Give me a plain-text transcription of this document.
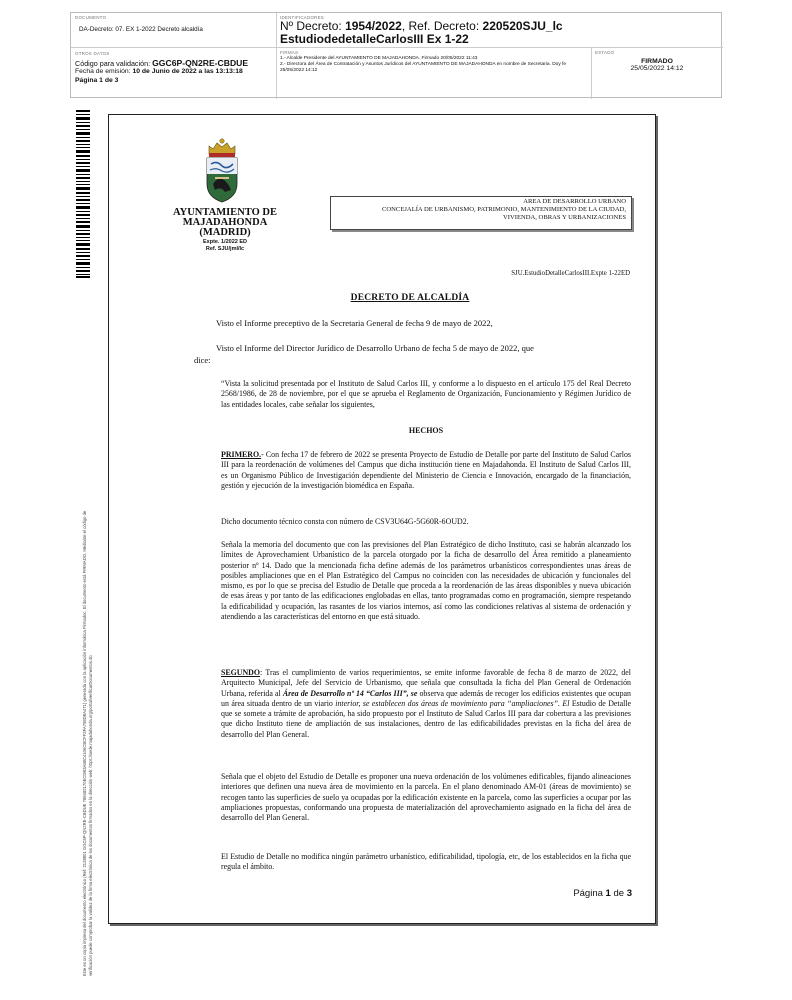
DOCUMENTO
DA-Decreto: 07. EX 1-2022 Decreto alcaldía
IDENTIFICADORES
Nº Decreto: 1954/2022, Ref. Decreto: 220520SJU_lc
EstudiodedetalleCarlosIII Ex 1-22
OTROS DATOS
Código para validación: GGC6P-QN2RE-CBDUE
Fecha de emisión: 10 de Junio de 2022 a las 13:13:18
Página 1 de 3
FIRMAS
1.- Alcalde Presidente del AYUNTAMIENTO DE MAJADAHONDA. Firmado 20/05/2022 11:43
2.- Directora del Área de Contratación y Asuntos Jurídicos del AYUNTAMIENTO DE MAJADAHONDA en nombre de Secretaria. Doy fe 25/05/2022 14:12
ESTADO
FIRMADO
25/05/2022 14:12
Este es un copia impresa del documento electrónico (Ref: 2128801 GGC6P-QN2RE-CBDUE 789482170ECDB3A88C4106CBCFF3FA758D8A471) generada con la aplicación informática Firmadoc. El documento está FIRMADO. Mediante el código de verificación puede comprobar la validez de la firma electrónica de los documentos firmados en la dirección web: https://sede.majadahonda.org/portal/verificarDocumentos.do
AYUNTAMIENTO DE
MAJADAHONDA
(MADRID)
Expte. 1/2022 ED
Ref. SJU/jml/lc
AREA DE DESARROLLO URBANO
CONCEJALÍA DE URBANISMO, PATRIMONIO, MANTENIMIENTO DE LA CIUDAD,
VIVIENDA, OBRAS Y URBANIZACIONES
SJU.EstudioDetalleCarlosIII.Expte 1-22ED
DECRETO DE ALCALDÍA
Visto el Informe preceptivo de la Secretaria General de fecha 9 de mayo de 2022,
Visto el Informe del Director Jurídico de Desarrollo Urbano de fecha 5 de mayo de 2022, que
dice:
“Vista la solicitud presentada por el Instituto de Salud Carlos III, y conforme a lo dispuesto en el artículo 175 del Real Decreto 2568/1986, de 28 de noviembre, por el que se aprueba el Reglamento de Organización, Funcionamiento y Régimen Jurídico de las entidades locales, cabe señalar los siguientes,
HECHOS
PRIMERO.- Con fecha 17 de febrero de 2022 se presenta Proyecto de Estudio de Detalle por parte del Instituto de Salud Carlos III para la reordenación de volúmenes del Campus que dicha institución tiene en Majadahonda. El Instituto de Salud Carlos III, es un Organismo Público de Investigación dependiente del Ministerio de Ciencia e Innovación, encargado de la financiación, gestión y ejecución de la investigación biomédica en España.
Dicho documento técnico consta con número de CSV3U64G-5G60R-6OUD2.
Señala la memoria del documento que con las previsiones del Plan Estratégico de dicho Instituto, casi se habrán alcanzado los límites de Aprovechamient Urbanístico de la parcela otorgado por la ficha de desarrollo del Área remitido a planeamiento posterior nº 14. Dado que la mencionada ficha define además de los parámetros urbanísticos correspondientes unas áreas de posibles ampliaciones que en el Plan Estratégico del Campus no coinciden con las necesidades de ubicación y funcionales del mismo, es por lo que se precisa del Estudio de Detalle que proceda a la reordenación de las áreas disponibles y nueva ubicación de esas áreas y por tanto de las edificaciones englobadas en ellas, tanto programadas como en programación, siempre respetando la edificabilidad y ocupación, las rasantes de los viarios internos, así como las condiciones relativas al sistema de ordenación y atendiendo a las características del entorno en que está situado.
SEGUNDO: Tras el cumplimiento de varios requerimientos, se emite informe favorable de fecha 8 de marzo de 2022, del Arquitecto Municipal, Jefe del Servicio de Urbanismo, que señala que consultada la ficha del Plan General de Ordenación Urbana, referida al Área de Desarrollo nº 14 “Carlos III”, se observa que además de recoger los edificios existentes que ocupan un área situada dentro de un viario interior, se establecen dos áreas de movimiento para “ampliaciones”. El Estudio de Detalle que se somete a trámite de aprobación, ha sido propuesto por el Instituto de Salud Carlos III para dar cobertura a las previsiones que dicho Instituto tiene de ampliación de sus instalaciones, dentro de las edificabilidades previstas en la ficha del área de desarrollo del Plan General.
Señala que el objeto del Estudio de Detalle es proponer una nueva ordenación de los volúmenes edificables, fijando alineaciones interiores que definen una nueva área de movimiento en la parcela. En el plano denominado AM-01 (áreas de movimiento) se recogen tanto las superficies de suelo ya ocupadas por la edificación existente en la parcela, como las superficies a ocupar por las ampliaciones propuestas, conformando una propuesta de materialización del aprovechamiento asignado en la ficha del área de desarrollo del Plan General.
El Estudio de Detalle no modifica ningún parámetro urbanístico, edificabilidad, tipología, etc, de los establecidos en la ficha que regula el ámbito.
Página 1 de 3
